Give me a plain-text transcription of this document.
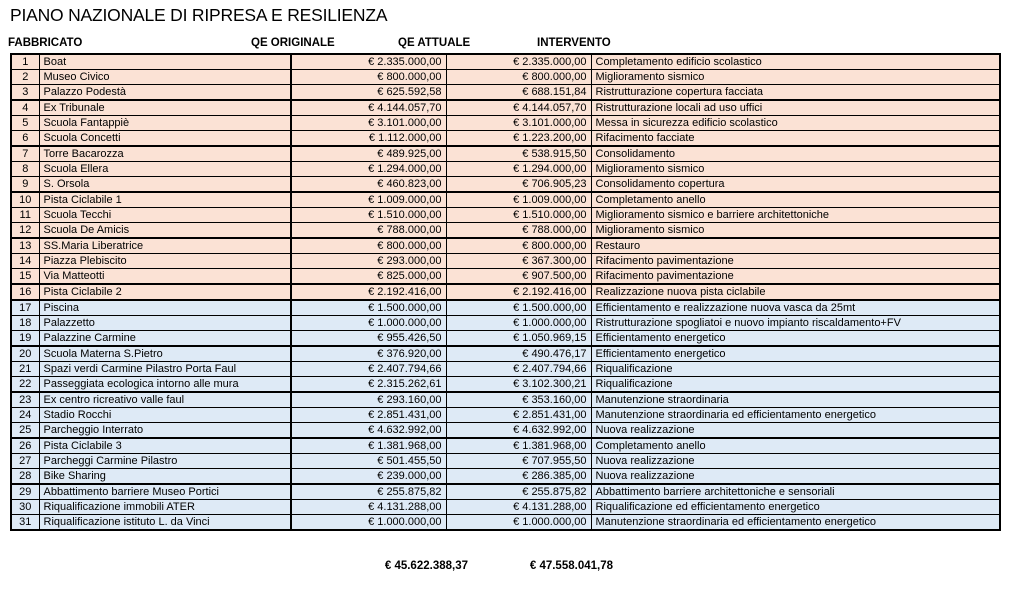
PIANO NAZIONALE DI RIPRESA E RESILIENZA
FABBRICATO	QE ORIGINALE	QE ATTUALE	INTERVENTO
1	Boat	€ 2.335.000,00	€ 2.335.000,00	Completamento edificio scolastico
2	Museo Civico	€ 800.000,00	€ 800.000,00	Miglioramento sismico
3	Palazzo Podestà	€ 625.592,58	€ 688.151,84	Ristrutturazione copertura facciata
4	Ex Tribunale	€ 4.144.057,70	€ 4.144.057,70	Ristrutturazione locali ad uso uffici
5	Scuola Fantappiè	€ 3.101.000,00	€ 3.101.000,00	Messa in sicurezza edificio scolastico
6	Scuola Concetti	€ 1.112.000,00	€ 1.223.200,00	Rifacimento facciate
7	Torre Bacarozza	€ 489.925,00	€ 538.915,50	Consolidamento
8	Scuola Ellera	€ 1.294.000,00	€ 1.294.000,00	Miglioramento sismico
9	S. Orsola	€ 460.823,00	€ 706.905,23	Consolidamento copertura
10	Pista Ciclabile 1	€ 1.009.000,00	€ 1.009.000,00	Completamento anello
11	Scuola Tecchi	€ 1.510.000,00	€ 1.510.000,00	Miglioramento sismico e barriere architettoniche
12	Scuola De Amicis	€ 788.000,00	€ 788.000,00	Miglioramento sismico
13	SS.Maria Liberatrice	€ 800.000,00	€ 800.000,00	Restauro
14	Piazza Plebiscito	€ 293.000,00	€ 367.300,00	Rifacimento pavimentazione
15	Via Matteotti	€ 825.000,00	€ 907.500,00	Rifacimento pavimentazione
16	Pista Ciclabile 2	€ 2.192.416,00	€ 2.192.416,00	Realizzazione nuova pista ciclabile
17	Piscina	€ 1.500.000,00	€ 1.500.000,00	Efficientamento e realizzazione nuova vasca da 25mt
18	Palazzetto	€ 1.000.000,00	€ 1.000.000,00	Ristrutturazione spogliatoi e nuovo impianto riscaldamento+FV
19	Palazzine Carmine	€ 955.426,50	€ 1.050.969,15	Efficientamento energetico
20	Scuola Materna S.Pietro	€ 376.920,00	€ 490.476,17	Efficientamento energetico
21	Spazi verdi Carmine Pilastro Porta Faul	€ 2.407.794,66	€ 2.407.794,66	Riqualificazione
22	Passeggiata ecologica intorno alle mura	€ 2.315.262,61	€ 3.102.300,21	Riqualificazione
23	Ex centro ricreativo valle faul	€ 293.160,00	€ 353.160,00	Manutenzione straordinaria
24	Stadio Rocchi	€ 2.851.431,00	€ 2.851.431,00	Manutenzione straordinaria ed efficientamento energetico
25	Parcheggio Interrato	€ 4.632.992,00	€ 4.632.992,00	Nuova realizzazione
26	Pista Ciclabile 3	€ 1.381.968,00	€ 1.381.968,00	Completamento anello
27	Parcheggi Carmine Pilastro	€ 501.455,50	€ 707.955,50	Nuova realizzazione
28	Bike Sharing	€ 239.000,00	€ 286.385,00	Nuova realizzazione
29	Abbattimento barriere Museo Portici	€ 255.875,82	€ 255.875,82	Abbattimento barriere architettoniche e sensoriali
30	Riqualificazione immobili ATER	€ 4.131.288,00	€ 4.131.288,00	Riqualificazione ed efficientamento energetico
31	Riqualificazione istituto L. da Vinci	€ 1.000.000,00	€ 1.000.000,00	Manutenzione straordinaria ed efficientamento energetico
€ 45.622.388,37	€ 47.558.041,78
